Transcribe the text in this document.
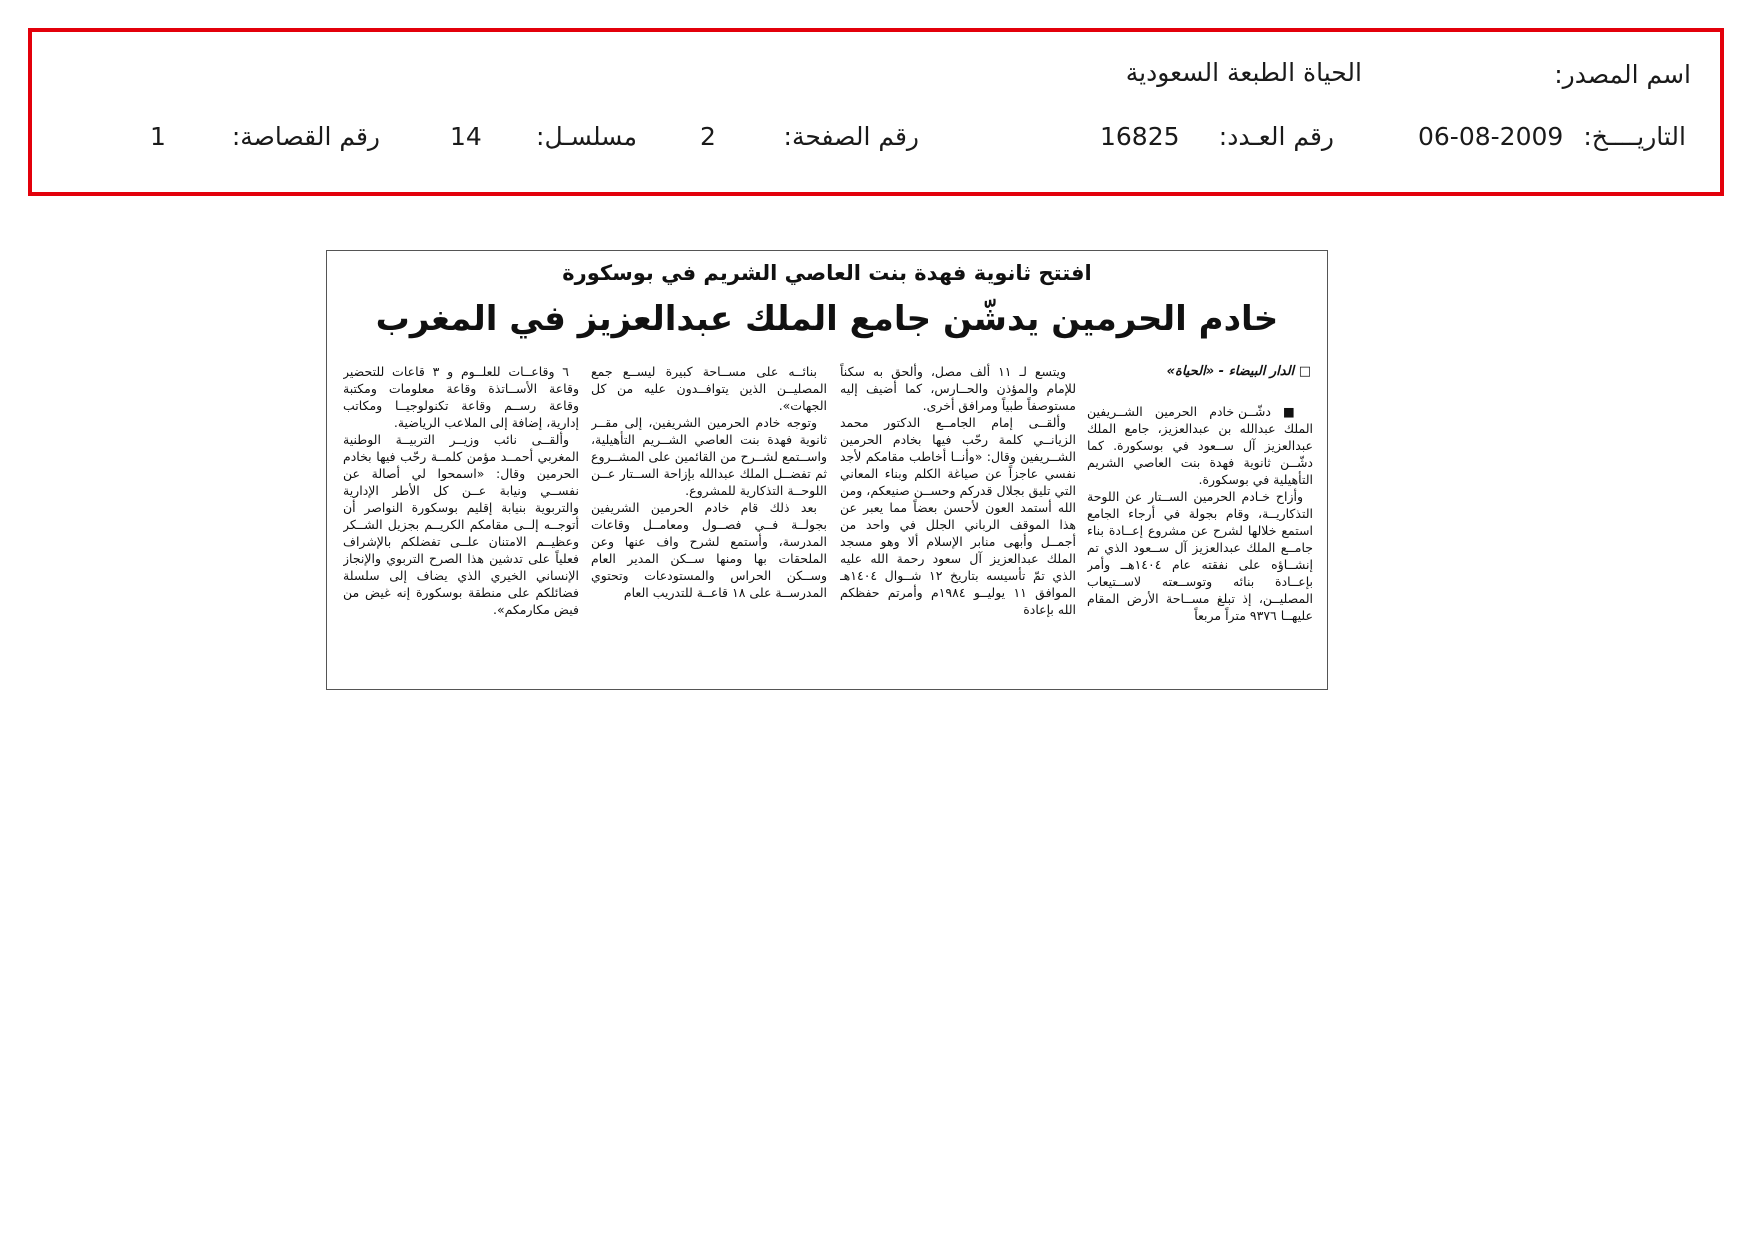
اسم المصدر:
الحياة الطبعة السعودية
التاريــــخ:
06-08-2009
رقم العـدد:
16825
رقم الصفحة:
2
مسلسـل:
14
رقم القصاصة:
1
افتتح ثانوية فهدة بنت العاصي الشريم في بوسكورة
خادم الحرمين يدشّن جامع الملك عبدالعزيز في المغرب
□ الدار البيضاء - «الحياة»

■ دشّــن خادم الحرمين الشــريفين الملك عبدالله بن عبدالعزيز، جامع الملك عبدالعزيز آل ســعود في بوسكورة. كما دشّــن ثانوية فهدة بنت العاصي الشريم التأهيلية في بوسكورة.

وأزاح خـادم الحرمين الســتار عن اللوحة التذكاريــة، وقام بجولة في أرجاء الجامع استمع خلالها لشرح عن مشروع إعــادة بناء جامــع الملك عبدالعزيز آل ســعود الذي تم إنشــاؤه على نفقته عام ١٤٠٤هــ وأمر بإعــادة بنائه وتوســعته لاســتيعاب المصليــن، إذ تبلغ مســاحة الأرض المقام عليهــا ٩٣٧٦ متراً مربعاً

ويتسع لـ ١١ ألف مصل، وألحق به سكناً للإمام والمؤذن والحــارس، كما أضيف إليه مستوصفاً طبياً ومرافق أخرى.

وألقــى إمام الجامــع الدكتور محمد الزيانــي كلمة رحّب فيها بخادم الحرمين الشــريفين وقال: «وأنــا أخاطب مقامكم لأجد نفسي عاجزاً عن صياغة الكلم وبناء المعاني التي تليق بجلال قدركم وحســن صنيعكم، ومن الله أستمد العون لأحسن بعضاً مما يعبر عن هذا الموقف الرباني الجلل في واحد من أجمــل وأبهى منابر الإسلام ألا وهو مسجد الملك عبدالعزيز آل سعود رحمة الله عليه الذي تمّ تأسيسه بتاريخ ١٢ شــوال ١٤٠٤هـ الموافق ١١ يوليــو ١٩٨٤م وأمرتم حفظكم الله بإعادة

بنائــه على مســاحة كبيرة ليســع جمع المصليــن الذين يتوافــدون عليه من كل الجهات».

وتوجه خادم الحرمين الشريفين، إلى مقــر ثانوية فهدة بنت العاصي الشــريم التأهيلية، واســتمع لشــرح من القائمين على المشــروع ثم تفضــل الملك عبدالله بإزاحة الســتار عــن اللوحــة التذكارية للمشروع.

بعد ذلك قام خادم الحرمين الشريفين بجولــة فــي فصــول ومعامــل وقاعات المدرسة، وأستمع لشرح واف عنها وعن الملحقات بها ومنها ســكن المدير العام وســكن الحراس والمستودعات وتحتوي المدرســة على ١٨ قاعــة للتدريب العام

٦ وقاعــات للعلــوم و ٣ قاعات للتحضير وقاعة الأســاتذة وقاعة معلومات ومكتبة وقاعة رســم وقاعة تكنولوجيــا ومكاتب إدارية، إضافة إلى الملاعب الرياضية.

وألقــى نائب وزيــر التربيــة الوطنية المغربي أحمــد مؤمن كلمــة رحّب فيها بخادم الحرمين وقال: «اسمحوا لي أصالة عن نفســي ونيابة عــن كل الأطر الإدارية والتربوية بنيابة إقليم بوسكورة النواصر أن أتوجــه إلــى مقامكم الكريــم بجزيل الشــكر وعظيــم الامتنان علــى تفضلكم بالإشراف فعلياً على تدشين هذا الصرح التربوي والإنجاز الإنساني الخيري الذي يضاف إلى سلسلة فضائلكم على منطقة بوسكورة إنه غيض من فيض مكارمكم».
